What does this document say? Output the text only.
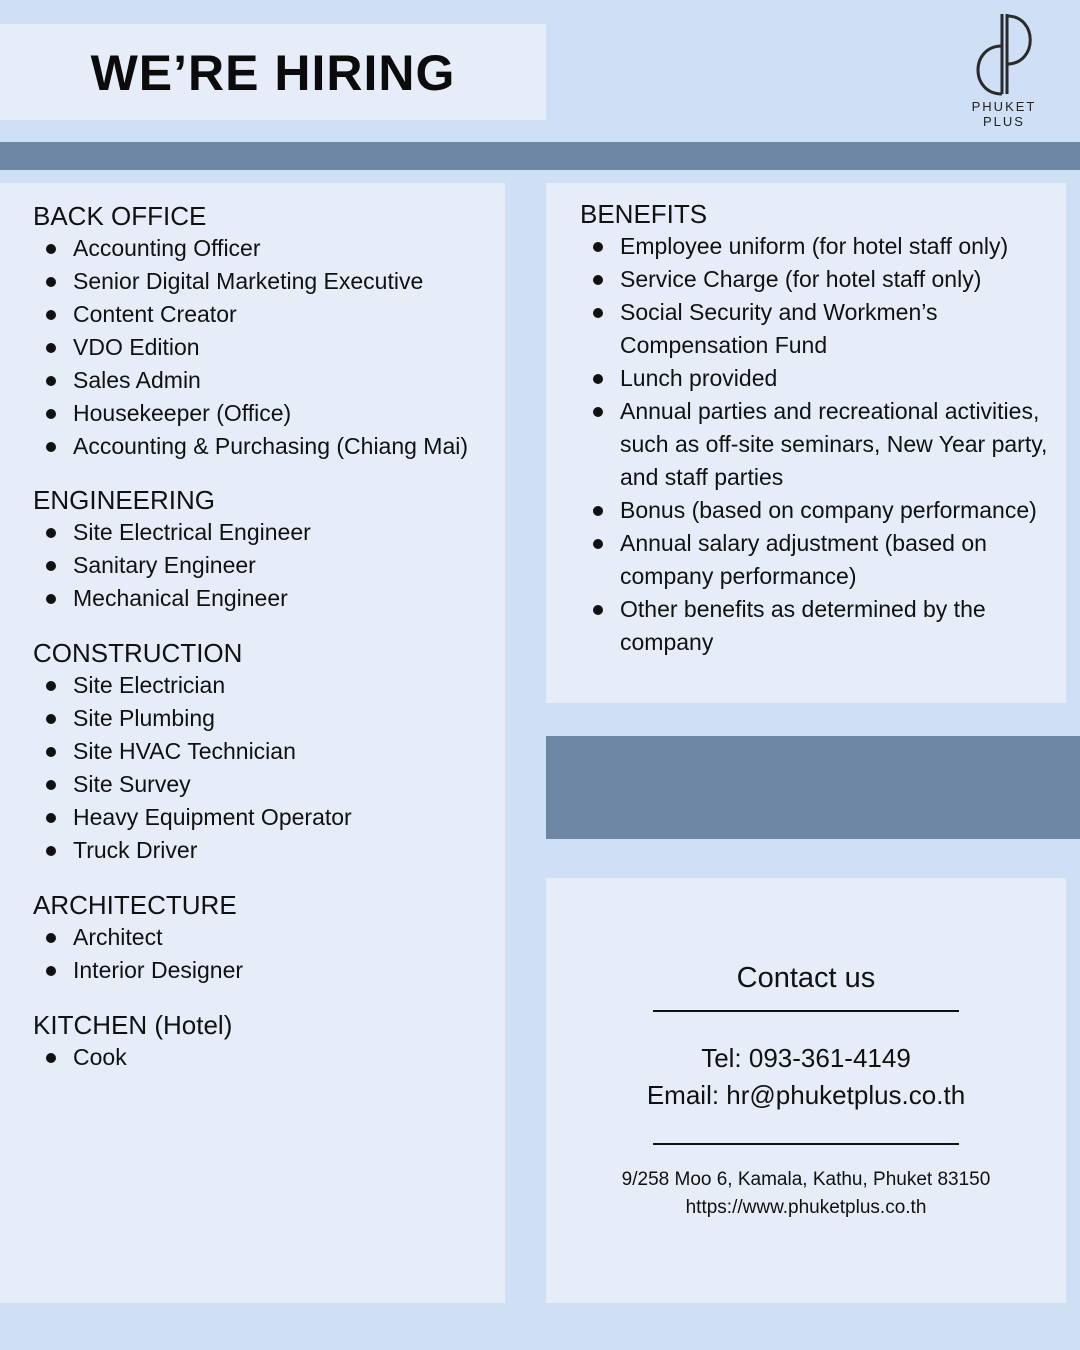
WE’RE HIRING
PHUKET
PLUS
BACK OFFICE
Accounting Officer
Senior Digital Marketing Executive
Content Creator
VDO Edition
Sales Admin
Housekeeper (Office)
Accounting & Purchasing (Chiang Mai)
ENGINEERING
Site Electrical Engineer
Sanitary Engineer
Mechanical Engineer
CONSTRUCTION
Site Electrician
Site Plumbing
Site HVAC Technician
Site Survey
Heavy Equipment Operator
Truck Driver
ARCHITECTURE
Architect
Interior Designer
KITCHEN (Hotel)
Cook
BENEFITS
Employee uniform (for hotel staff only)
Service Charge (for hotel staff only)
Social Security and Workmen’s Compensation Fund
Lunch provided
Annual parties and recreational activities, such as off-site seminars, New Year party, and staff parties
Bonus (based on company performance)
Annual salary adjustment (based on company performance)
Other benefits as determined by the company
Contact us
Tel: 093-361-4149
Email: hr@phuketplus.co.th
9/258 Moo 6, Kamala, Kathu, Phuket 83150
https://www.phuketplus.co.th
